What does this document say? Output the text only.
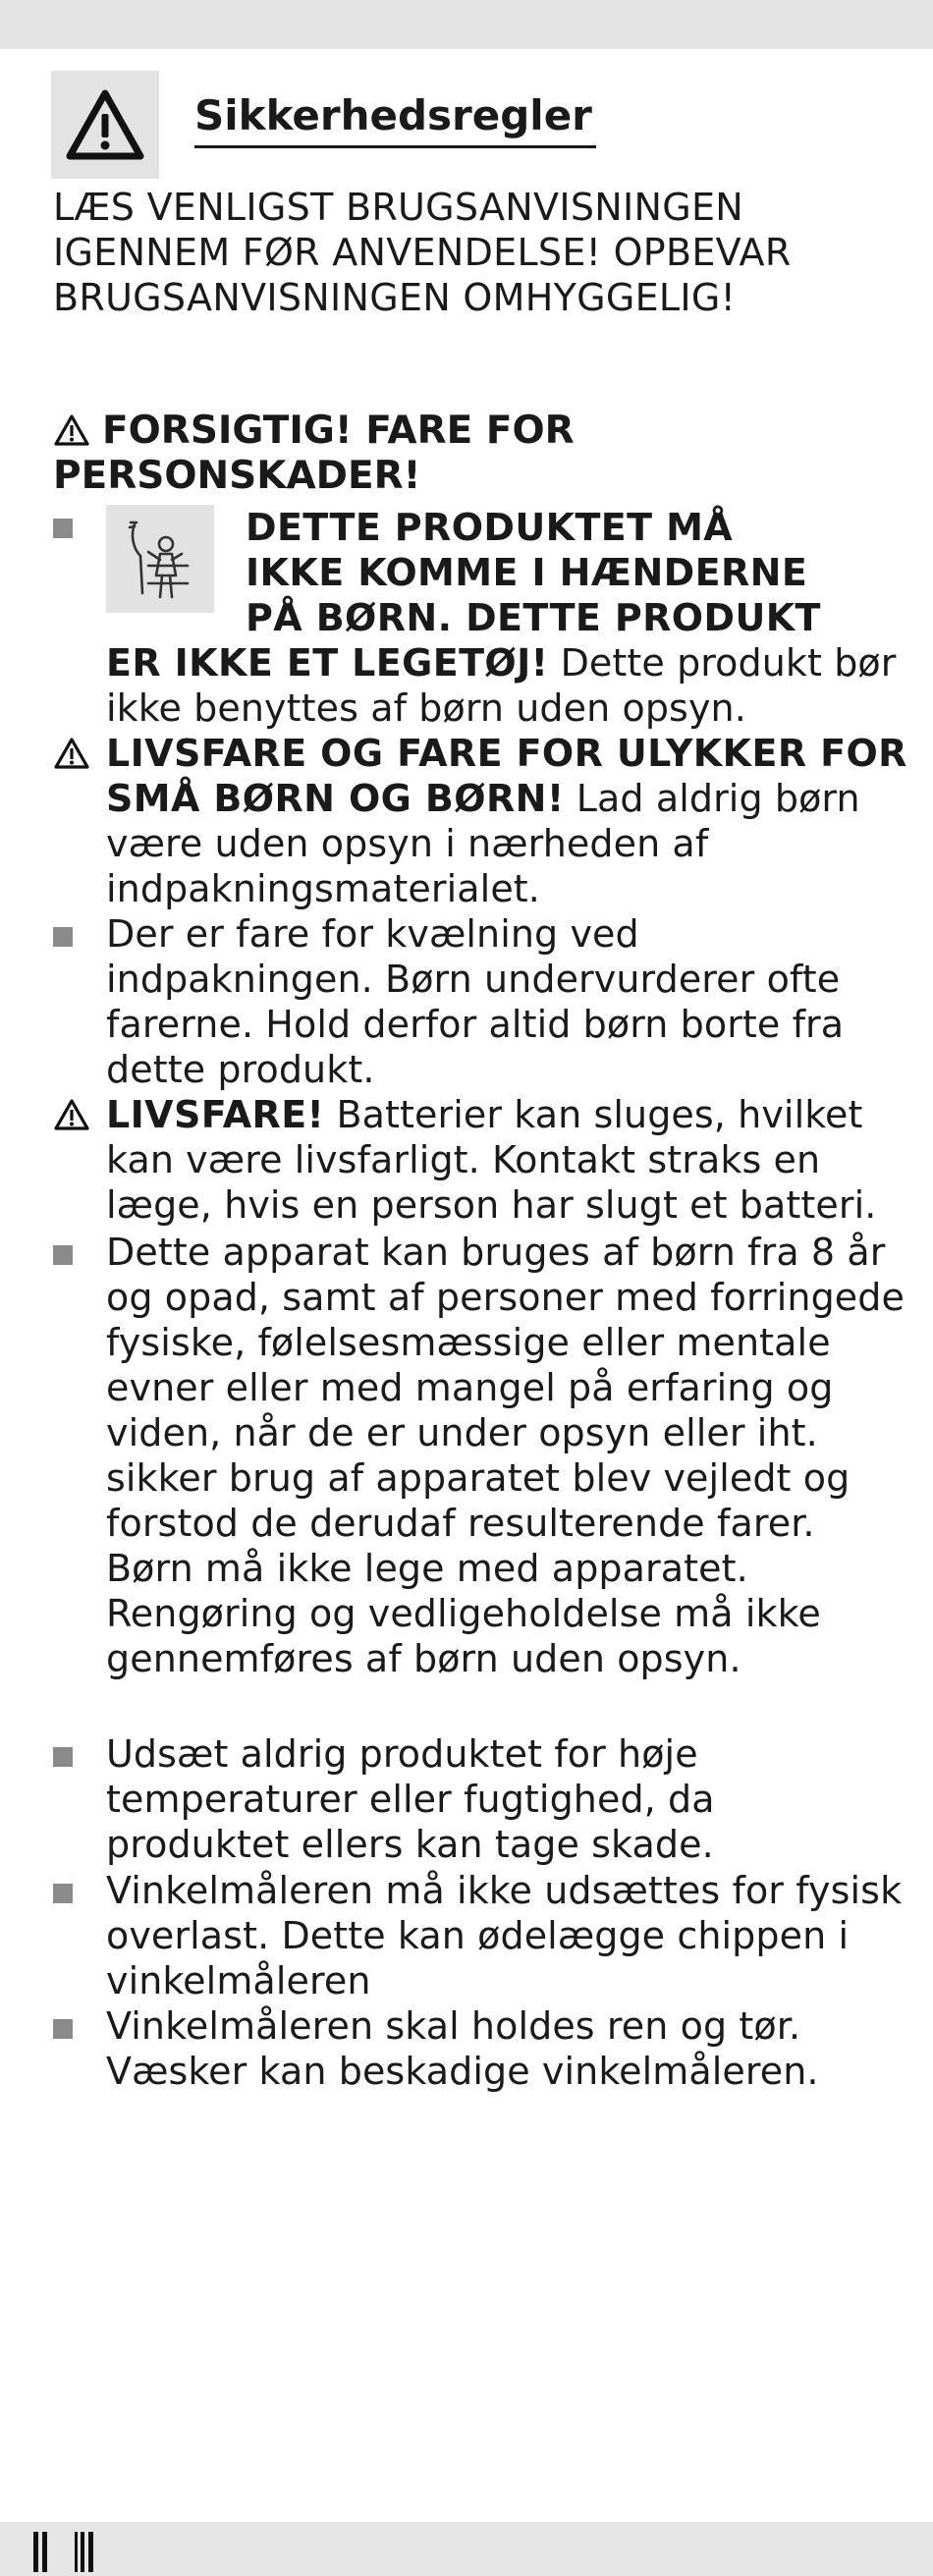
Sikkerhedsregler

LÆS VENLIGST BRUGSANVISNINGEN IGENNEM FØR ANVENDELSE! OPBEVAR BRUGSANVISNINGEN OMHYGGELIG!

FORSIGTIG! FARE FOR PERSONSKADER!

DETTE PRODUKTET MÅ
IKKE KOMME I HÆNDERNE
PÅ BØRN. DETTE PRODUKT

ER IKKE ET LEGETØJ! Dette produkt bør ikke benyttes af børn uden opsyn.

LIVSFARE OG FARE FOR ULYKKER FOR SMÅ BØRN OG BØRN! Lad aldrig børn være uden opsyn i nærheden af indpakningsmaterialet.

Der er fare for kvælning ved indpakningen. Børn undervurderer ofte farerne. Hold derfor altid børn borte fra dette produkt.

LIVSFARE! Batterier kan sluges, hvilket kan være livsfarligt. Kontakt straks en læge, hvis en person har slugt et batteri.

Dette apparat kan bruges af børn fra 8 år og opad, samt af personer med forringede fysiske, følelsesmæssige eller mentale evner eller med mangel på erfaring og viden, når de er under opsyn eller iht. sikker brug af apparatet blev vejledt og forstod de derudaf resulterende farer. Børn må ikke lege med apparatet. Rengøring og vedligeholdelse må ikke gennemføres af børn uden opsyn.

Udsæt aldrig produktet for høje temperaturer eller fugtighed, da produktet ellers kan tage skade.

Vinkelmåleren må ikke udsættes for fysisk overlast. Dette kan ødelægge chippen i vinkelmåleren

Vinkelmåleren skal holdes ren og tør. Væsker kan beskadige vinkelmåleren.
